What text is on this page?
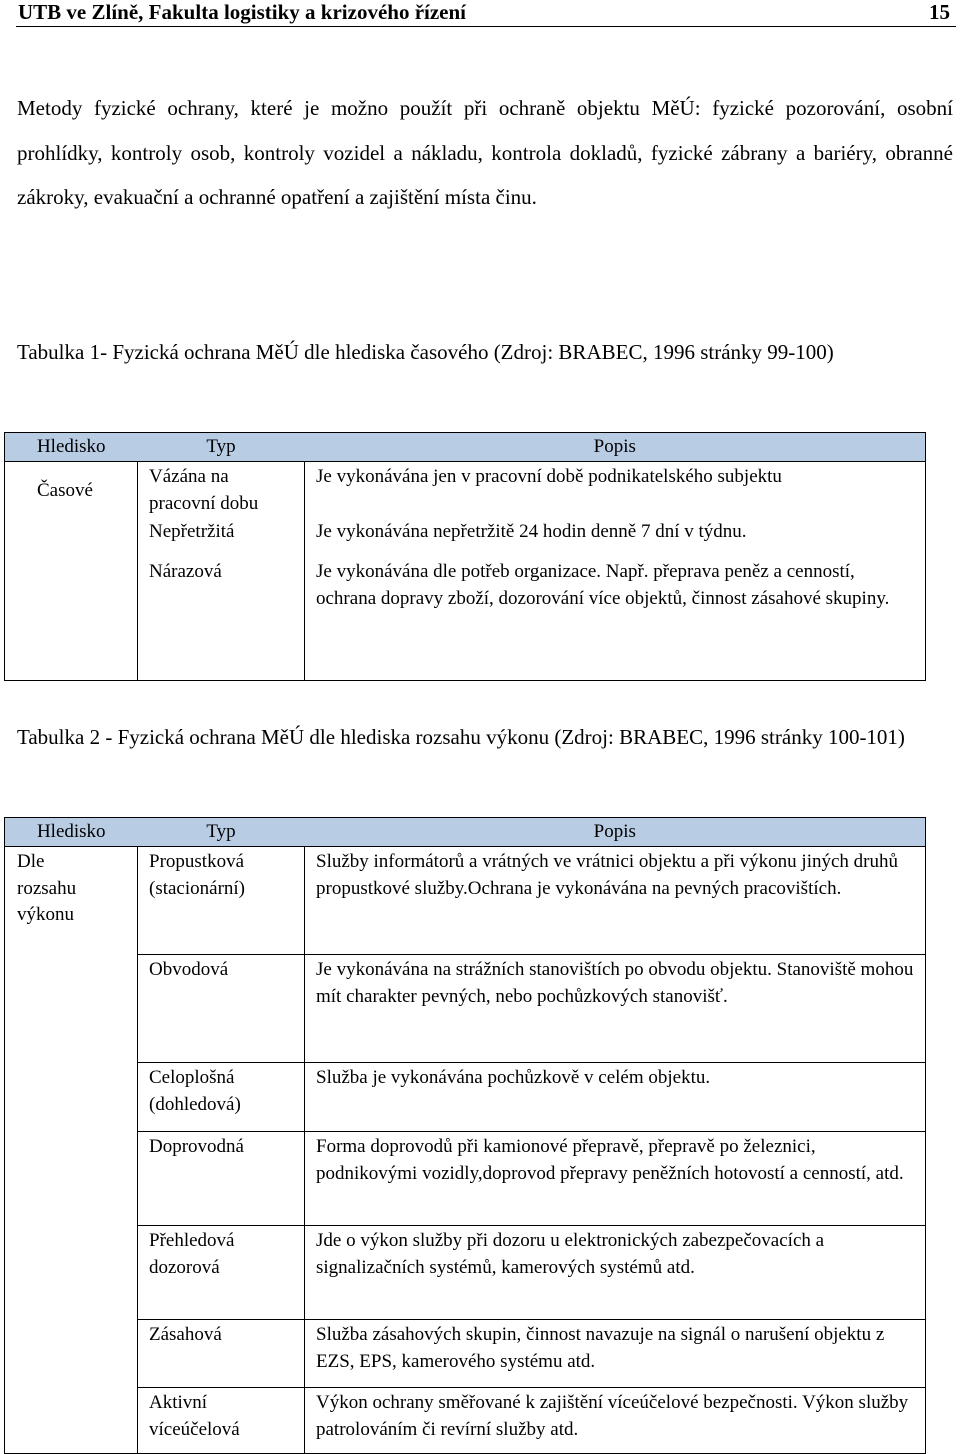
UTB ve Zlíně, Fakulta logistiky a krizového řízení	15
Metody fyzické ochrany, které je možno použít při ochraně objektu MěÚ: fyzické pozorování, osobní prohlídky, kontroly osob, kontroly vozidel a nákladu, kontrola dokladů, fyzické zábrany a bariéry, obranné zákroky, evakuační a ochranné opatření a zajištění místa činu.
Tabulka 1- Fyzická ochrana MěÚ dle hlediska časového (Zdroj: BRABEC, 1996 stránky 99-100)
Hledisko	Typ	Popis
Časové	Vázána na pracovní dobu	Je vykonávána jen v pracovní době podnikatelského subjektu
	Nepřetržitá	Je vykonávána nepřetržitě 24 hodin denně 7 dní v týdnu.
	Nárazová	Je vykonávána dle potřeb organizace. Např. přeprava peněz a cenností, ochrana dopravy zboží, dozorování více objektů, činnost zásahové skupiny.
Tabulka 2 - Fyzická ochrana MěÚ dle hlediska rozsahu výkonu (Zdroj: BRABEC, 1996 stránky 100-101)
Hledisko	Typ	Popis

Dle rozsahu výkonu	Propustková (stacionární)	Služby informátorů a vrátných ve vrátnici objektu a při výkonu jiných druhů propustkové služby.Ochrana je vykonávána na pevných pracovištích.
	Obvodová	Je vykonávána na strážních stanovištích po obvodu objektu. Stanoviště mohou mít charakter pevných, nebo pochůzkových stanovišť.
	Celoplošná (dohledová)	Služba je vykonávána pochůzkově v celém objektu.
	Doprovodná	Forma doprovodů při kamionové přepravě, přepravě po železnici, podnikovými vozidly,doprovod přepravy peněžních hotovostí a cenností, atd.
	Přehledová dozorová	Jde o výkon služby při dozoru u elektronických zabezpečovacích a signalizačních systémů, kamerových systémů atd.
	Zásahová	Služba zásahových skupin, činnost navazuje na signál o narušení objektu z EZS, EPS, kamerového systému atd.
	Aktivní víceúčelová	Výkon ochrany směřované k zajištění víceúčelové bezpečnosti. Výkon služby patrolováním či revírní služby atd.
